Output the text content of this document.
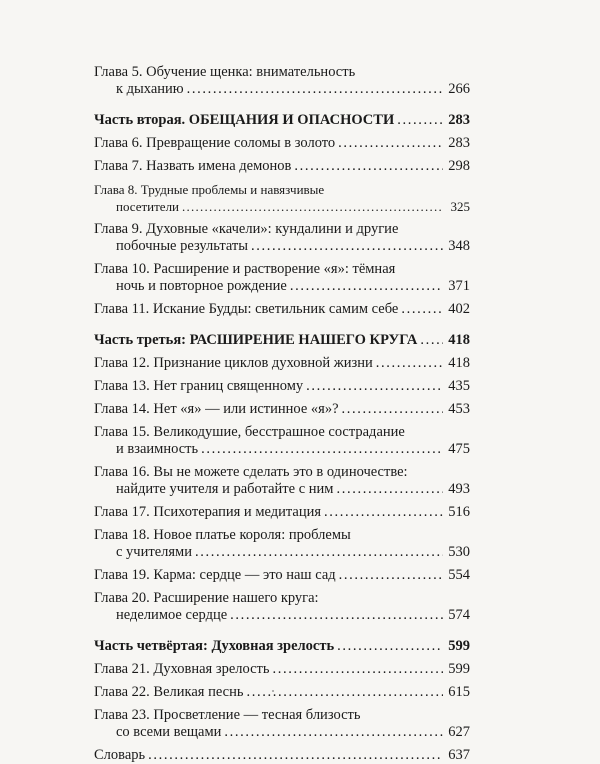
Глава 5. Обучение щенка: внимательность
к дыханию . . .	266
Часть вторая. ОБЕЩАНИЯ И ОПАСНОСТИ . . .	283
Глава 6. Превращение соломы в золото . . .	283
Глава 7. Назвать имена демонов . . .	298
Глава 8. Трудные проблемы и навязчивые
посетители . . .	325
Глава 9. Духовные «качели»: кундалини и другие
побочные результаты . . .	348
Глава 10. Расширение и растворение «я»: тёмная
ночь и повторное рождение . . .	371
Глава 11. Искание Будды: светильник самим себе . . .	402
Часть третья: РАСШИРЕНИЕ НАШЕГО КРУГА . . . 418
Глава 12. Признание циклов духовной жизни . . .	418
Глава 13. Нет границ священному . . .	435
Глава 14. Нет «я» — или истинное «я»? . . .	453
Глава 15. Великодушие, бесстрашное сострадание
и взаимность . . .	475
Глава 16. Вы не можете сделать это в одиночестве:
найдите учителя и работайте с ним . . .	493
Глава 17. Психотерапия и медитация . . .	516
Глава 18. Новое платье короля: проблемы
с учителями . . .	530
Глава 19. Карма: сердце — это наш сад . . .	554
Глава 20. Расширение нашего круга:
неделимое сердце . . .	574
Часть четвёртая: Духовная зрелость . . .	599
Глава 21. Духовная зрелость . . .	599
Глава 22. Великая песнь . . .	615
Глава 23. Просветление — тесная близость
со всеми вещами . . .	627
Словарь . . .	637
